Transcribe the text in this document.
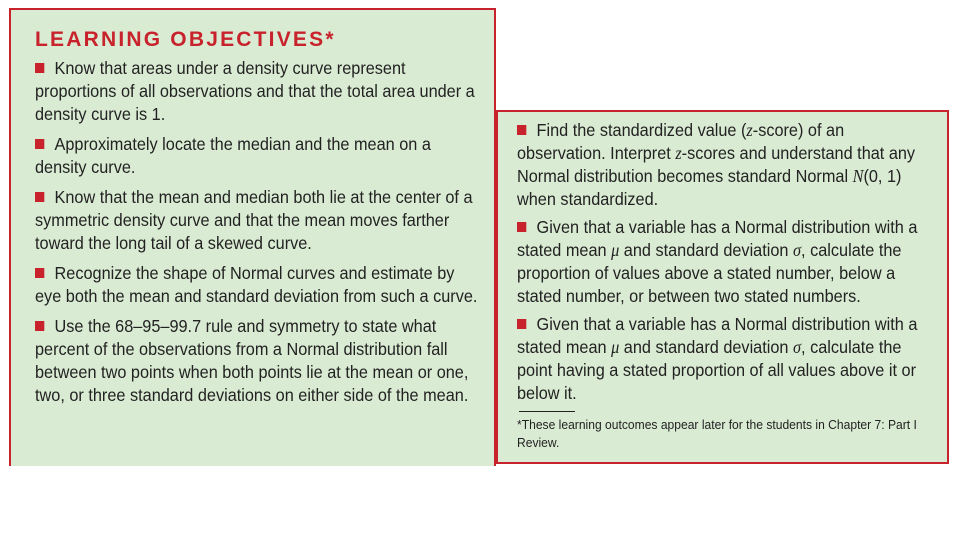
LEARNING OBJECTIVES*
Know that areas under a density curve represent proportions of all observations and that the total area under a density curve is 1.
Approximately locate the median and the mean on a density curve.
Know that the mean and median both lie at the center of a symmetric density curve and that the mean moves farther toward the long tail of a skewed curve.
Recognize the shape of Normal curves and estimate by eye both the mean and standard deviation from such a curve.
Use the 68–95–99.7 rule and symmetry to state what percent of the observations from a Normal distribution fall between two points when both points lie at the mean or one, two, or three standard deviations on either side of the mean.
Find the standardized value (z-score) of an observation. Interpret z-scores and understand that any Normal distribution becomes standard Normal N(0, 1) when standardized.
Given that a variable has a Normal distribution with a stated mean μ and standard deviation σ, calculate the proportion of values above a stated number, below a stated number, or between two stated numbers.
Given that a variable has a Normal distribution with a stated mean μ and standard deviation σ, calculate the point having a stated proportion of all values above it or below it.
*These learning outcomes appear later for the students in Chapter 7: Part I Review.
